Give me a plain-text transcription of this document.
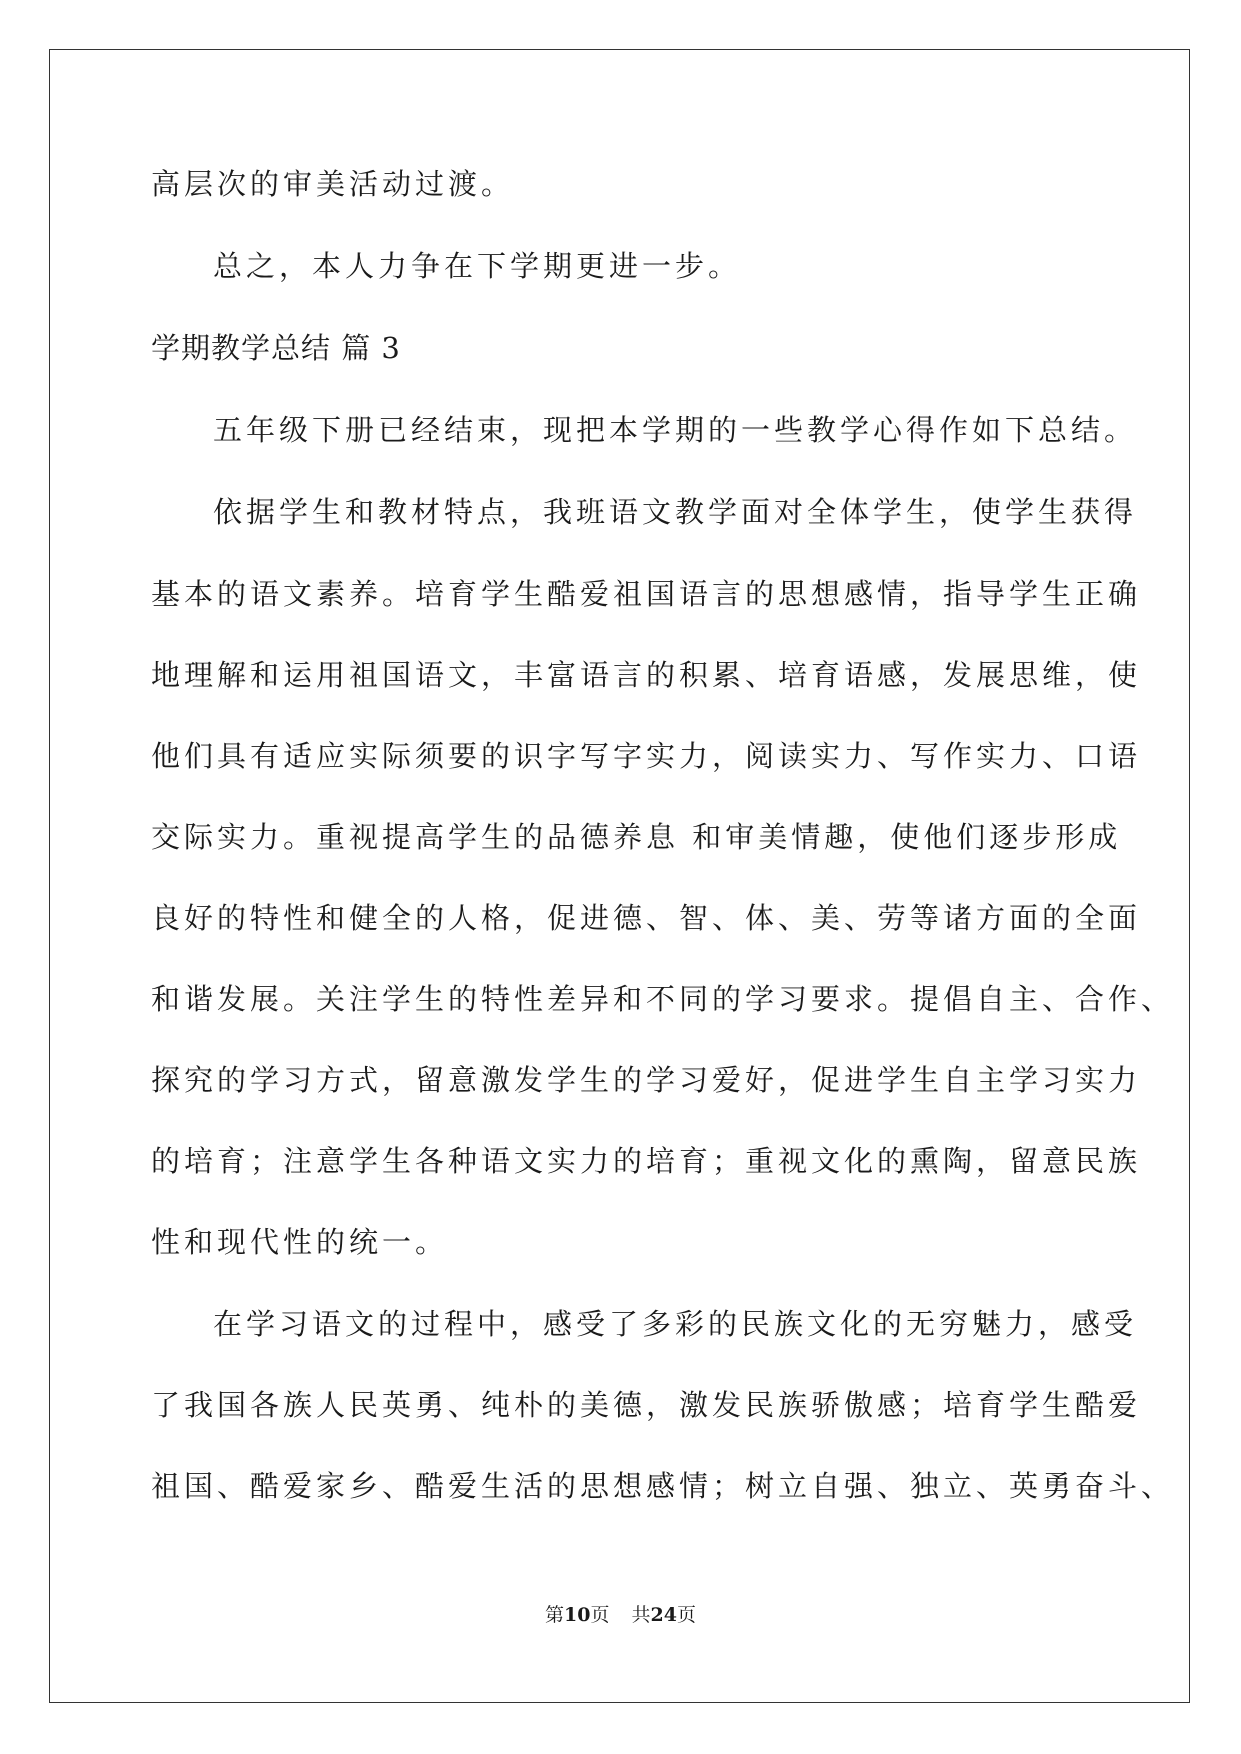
高层次的审美活动过渡。
总之，本人力争在下学期更进一步。
学期教学总结 篇 3
五年级下册已经结束，现把本学期的一些教学心得作如下总结。
依据学生和教材特点，我班语文教学面对全体学生，使学生获得
基本的语文素养。培育学生酷爱祖国语言的思想感情，指导学生正确
地理解和运用祖国语文，丰富语言的积累、培育语感，发展思维，使
他们具有适应实际须要的识字写字实力，阅读实力、写作实力、口语
交际实力。重视提高学生的品德养息 和审美情趣，使他们逐步形成
良好的特性和健全的人格，促进德、智、体、美、劳等诸方面的全面
和谐发展。关注学生的特性差异和不同的学习要求。提倡自主、合作、
探究的学习方式，留意激发学生的学习爱好，促进学生自主学习实力
的培育；注意学生各种语文实力的培育；重视文化的熏陶，留意民族
性和现代性的统一。
在学习语文的过程中，感受了多彩的民族文化的无穷魅力，感受
了我国各族人民英勇、纯朴的美德，激发民族骄傲感；培育学生酷爱
祖国、酷爱家乡、酷爱生活的思想感情；树立自强、独立、英勇奋斗、
第10页 共24页
